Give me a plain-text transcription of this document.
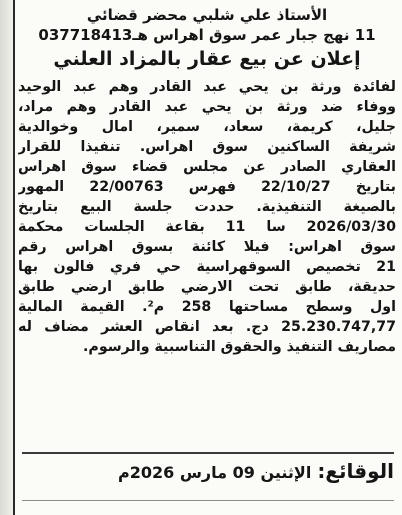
الأستاذ علي شلبي محضر قضائي
11 نهج جبار عمر سوق اهراس هـ037718413
إعلان عن بيع عقار بالمزاد العلني
لفائدة ورثة بن يحي عبد القادر وهم عبد الوحيد
ووفاء ضد ورثة بن يحي عبد القادر وهم مراد،
جليل، كريمة، سعاد، سمير، امال وخوالدية
شريفة الساكنين سوق اهراس. تنفيذا للقرار
العقاري الصادر عن مجلس قضاء سوق اهراس
بتاريخ 22/10/27 فهرس 22/00763 المهور
بالصيغة التنفيذية. حددت جلسة البيع بتاريخ
2026/03/30 سا 11 بقاعة الجلسات محكمة
سوق اهراس: فيلا كائنة بسوق اهراس رقم
21 تخصيص السوقهراسية حي فري فالون بها
حديقة، طابق تحت الارضي طابق ارضي طابق
اول وسطح مساحتها 258 م². القيمة المالية
25.230.747,77 دج. بعد انقاص العشر مضاف له
مصاريف التنفيذ والحقوق التناسبية والرسوم.
الوقائع:الإثنين 09 مارس 2026م
